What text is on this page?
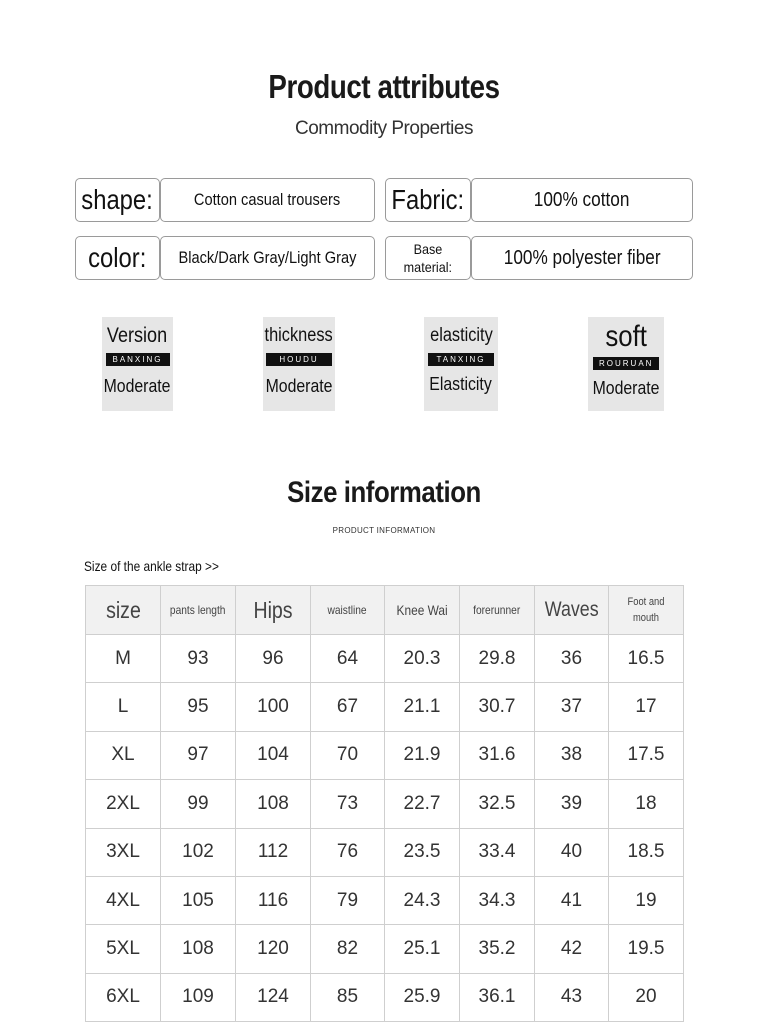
Product attributes
Commodity Properties
shape: Cotton casual trousers Fabric:	100% cotton
color: Black/Dark Gray/Light Gray	Base
material:	100% polyester fiber
Version
BANXING
Moderate
thickness
HOUDU
Moderate
elasticity
TANXING
Elasticity
soft
ROURUAN
Moderate
Size information
PRODUCT INFORMATION
Size of the ankle strap >>
size	pants length	Hips	waistline	Knee Wai	forerunner	Waves	Foot and mouth
M	93	96	64	20.3	29.8	36	16.5
L	95	100	67	21.1	30.7	37	17
XL	97	104	70	21.9	31.6	38	17.5
2XL	99	108	73	22.7	32.5	39	18
3XL	102	112	76	23.5	33.4	40	18.5
4XL	105	116	79	24.3	34.3	41	19
5XL	108	120	82	25.1	35.2	42	19.5
6XL	109	124	85	25.9	36.1	43	20
